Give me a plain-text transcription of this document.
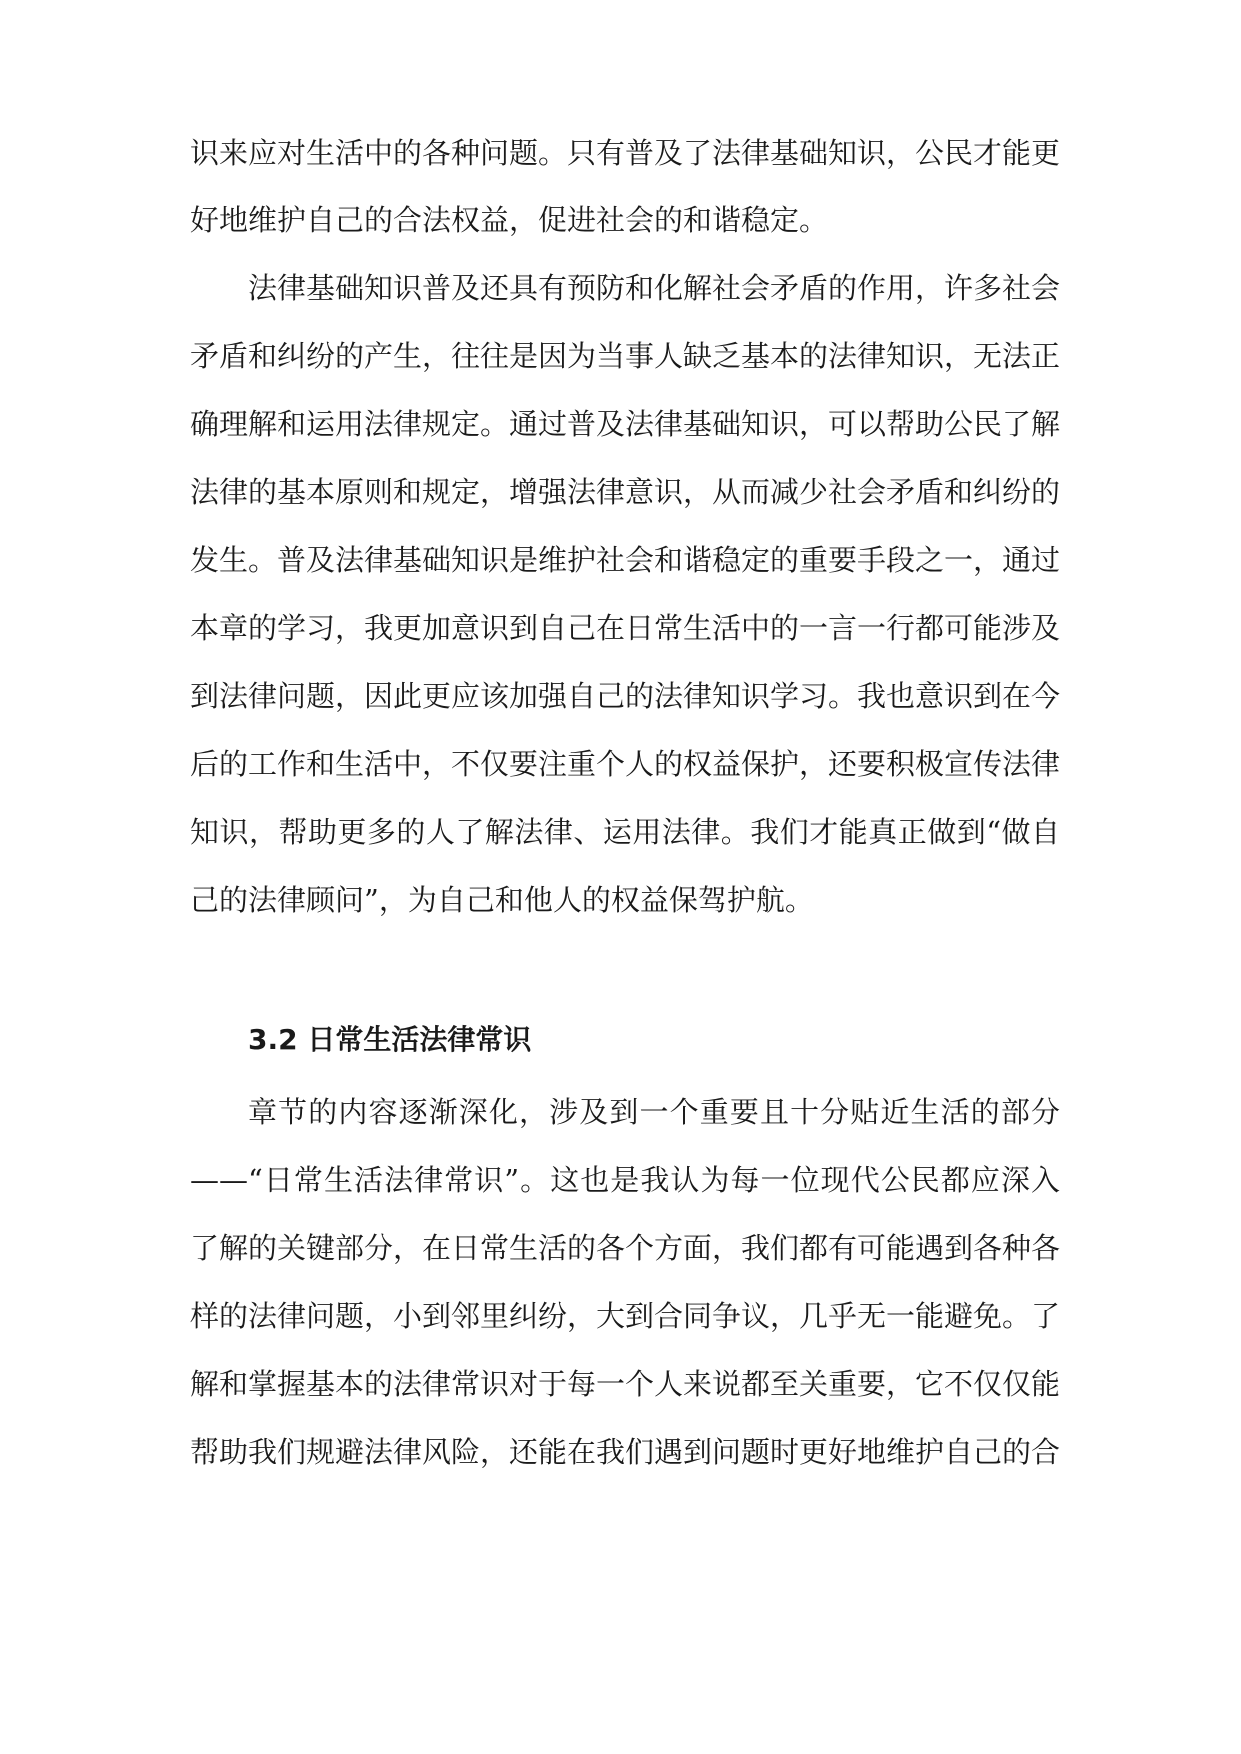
识来应对生活中的各种问题。只有普及了法律基础知识，公民才能更
好地维护自己的合法权益，促进社会的和谐稳定。
法律基础知识普及还具有预防和化解社会矛盾的作用，许多社会
矛盾和纠纷的产生，往往是因为当事人缺乏基本的法律知识，无法正
确理解和运用法律规定。通过普及法律基础知识，可以帮助公民了解
法律的基本原则和规定，增强法律意识，从而减少社会矛盾和纠纷的
发生。普及法律基础知识是维护社会和谐稳定的重要手段之一，通过
本章的学习，我更加意识到自己在日常生活中的一言一行都可能涉及
到法律问题，因此更应该加强自己的法律知识学习。我也意识到在今
后的工作和生活中，不仅要注重个人的权益保护，还要积极宣传法律
知识，帮助更多的人了解法律、运用法律。我们才能真正做到“做自
己的法律顾问”，为自己和他人的权益保驾护航。
3.2 日常生活法律常识
章节的内容逐渐深化，涉及到一个重要且十分贴近生活的部分
——“日常生活法律常识”。这也是我认为每一位现代公民都应深入
了解的关键部分，在日常生活的各个方面，我们都有可能遇到各种各
样的法律问题，小到邻里纠纷，大到合同争议，几乎无一能避免。了
解和掌握基本的法律常识对于每一个人来说都至关重要，它不仅仅能
帮助我们规避法律风险，还能在我们遇到问题时更好地维护自己的合
